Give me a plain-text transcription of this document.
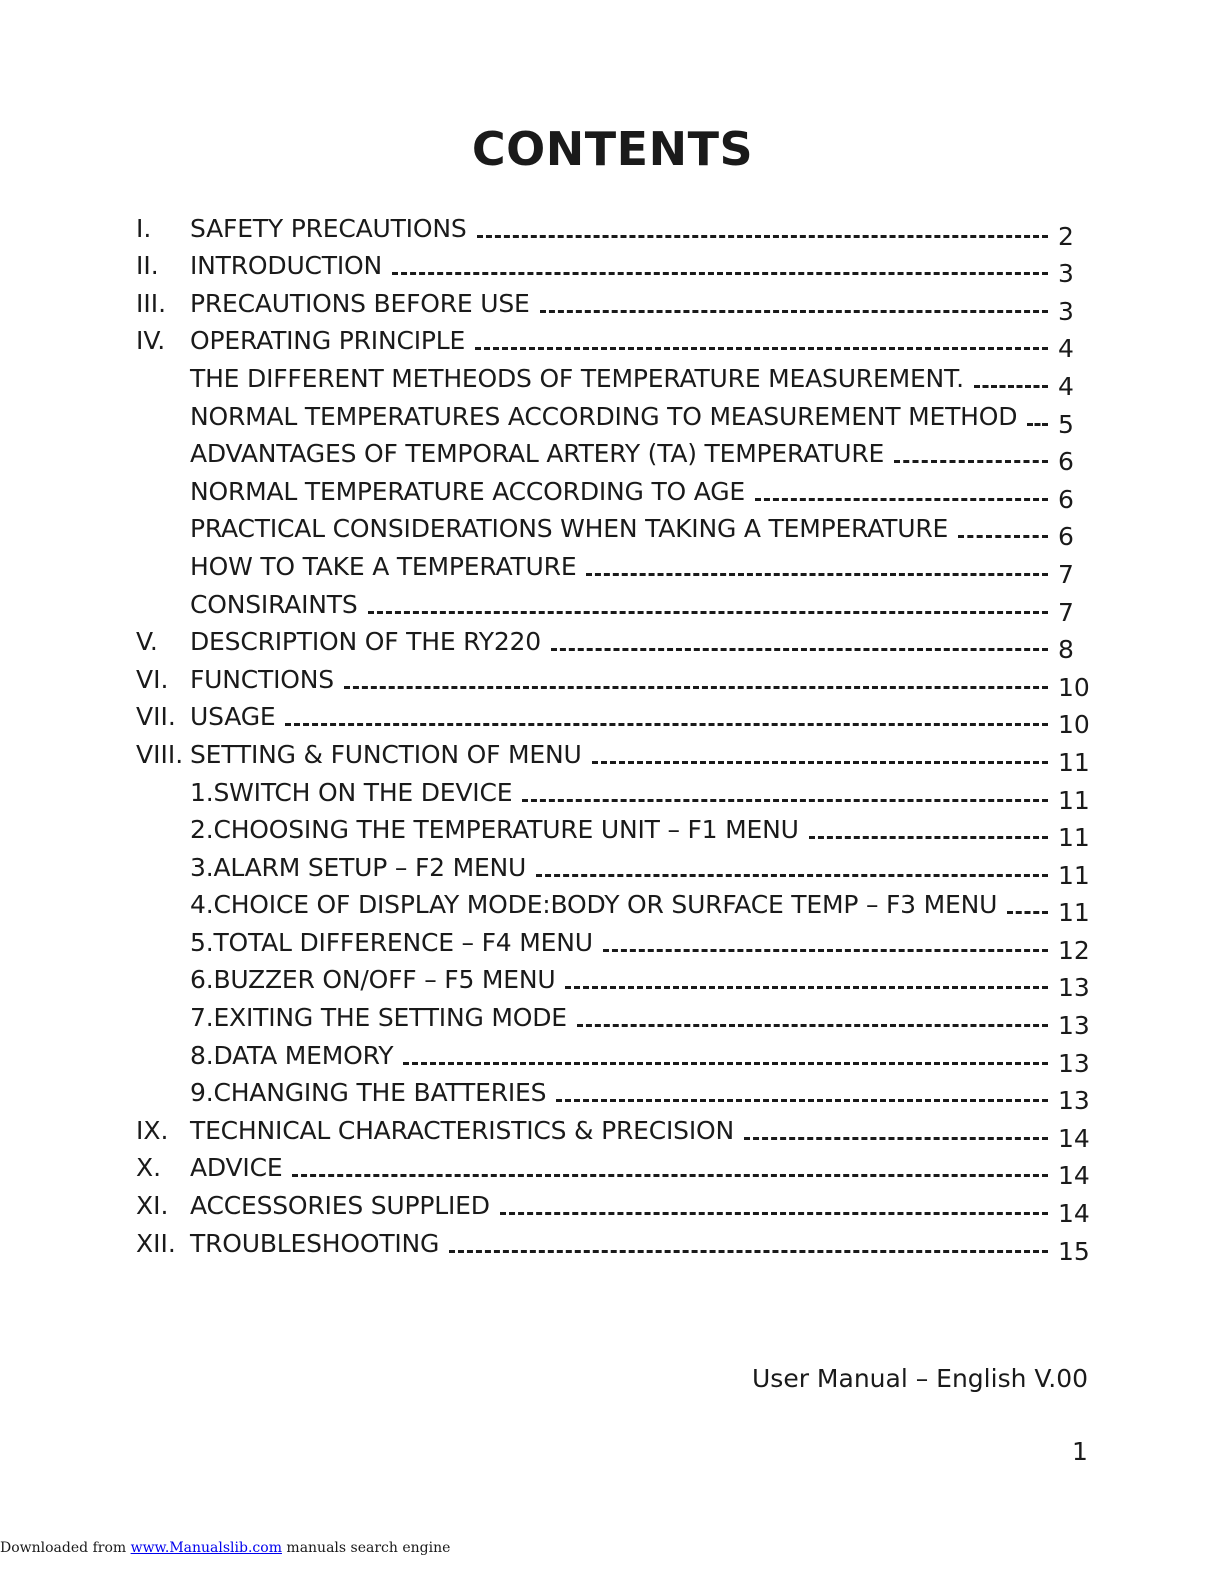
CONTENTS
I.	SAFETY PRECAUTIONS	2
II.	INTRODUCTION	3
III. PRECAUTIONS BEFORE USE	3
IV. OPERATING PRINCIPLE	4
THE DIFFERENT METHEODS OF TEMPERATURE MEASUREMENT.	4
NORMAL TEMPERATURES ACCORDING TO MEASUREMENT METHOD 5
ADVANTAGES OF TEMPORAL ARTERY (TA) TEMPERATURE	6
NORMAL TEMPERATURE ACCORDING TO AGE	6
PRACTICAL CONSIDERATIONS WHEN TAKING A TEMPERATURE	6
HOW TO TAKE A TEMPERATURE	7
CONSIRAINTS	7
V.	DESCRIPTION OF THE RY220	8
VI. FUNCTIONS	10
VII. USAGE	10
VIII. SETTING & FUNCTION OF MENU	11
1.SWITCH ON THE DEVICE	11
2.CHOOSING THE TEMPERATURE UNIT – F1 MENU	11
3.ALARM SETUP – F2 MENU	11
4.CHOICE OF DISPLAY MODE:BODY OR SURFACE TEMP – F3 MENU 11
5.TOTAL DIFFERENCE – F4 MENU	12
6.BUZZER ON/OFF – F5 MENU	13
7.EXITING THE SETTING MODE	13
8.DATA MEMORY	13
9.CHANGING THE BATTERIES	13
IX. TECHNICAL CHARACTERISTICS & PRECISION	14
X.	ADVICE	14
XI. ACCESSORIES SUPPLIED	14
XII. TROUBLESHOOTING	15
User Manual – English V.00
1
Downloaded from www.Manualslib.com manuals search engine
